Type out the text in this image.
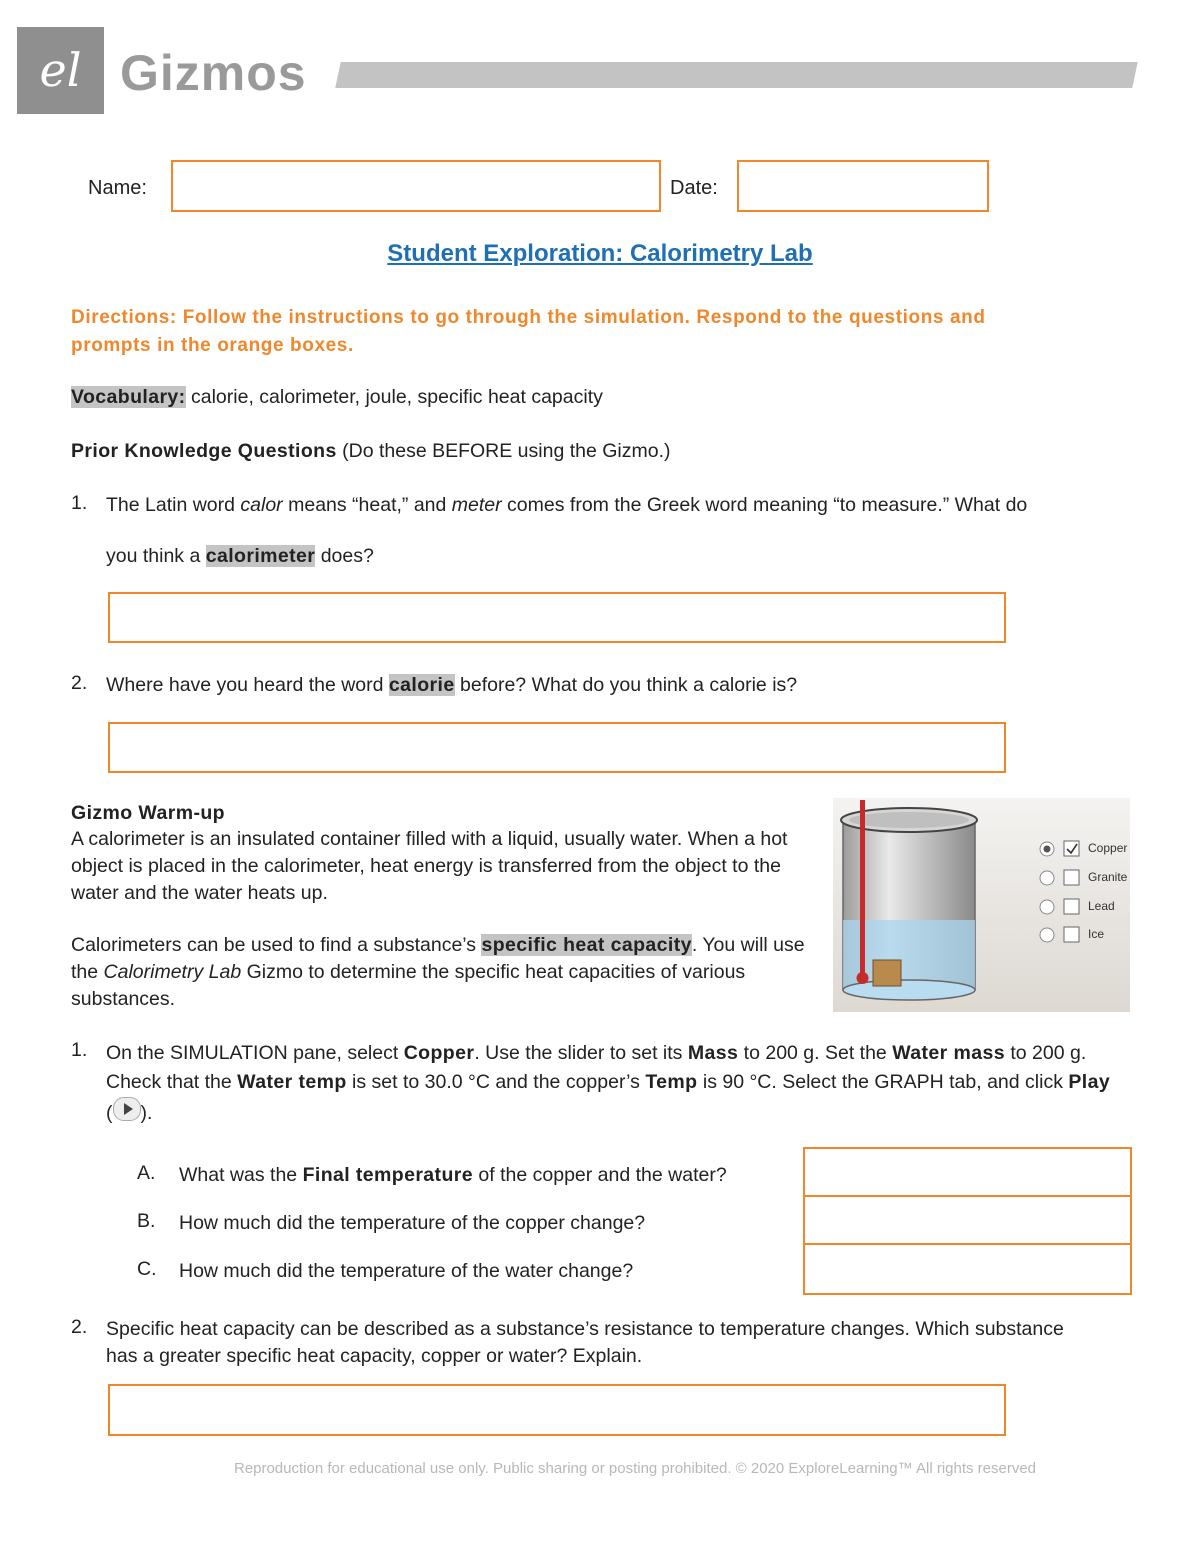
el Gizmos
Name:	Date:
Student Exploration: Calorimetry Lab
Directions: Follow the instructions to go through the simulation. Respond to the questions and prompts in the orange boxes.
Vocabulary: calorie, calorimeter, joule, specific heat capacity
Prior Knowledge Questions (Do these BEFORE using the Gizmo.)
1. The Latin word calor means “heat,” and meter comes from the Greek word meaning “to measure.” What do
you think a calorimeter does?
2. Where have you heard the word calorie before? What do you think a calorie is?
Gizmo Warm-up
A calorimeter is an insulated container filled with a liquid, usually water. When a hot object is placed in the calorimeter, heat energy is transferred from the object to the water and the water heats up.
Calorimeters can be used to find a substance’s specific heat capacity. You will use the Calorimetry Lab Gizmo to determine the specific heat capacities of various substances.
Copper
Granite
Lead
Ice
1. On the SIMULATION pane, select Copper. Use the slider to set its Mass to 200 g. Set the Water mass to 200 g. Check that the Water temp is set to 30.0 °C and the copper’s Temp is 90 °C. Select the GRAPH tab, and click Play ( ).
A. What was the Final temperature of the copper and the water?
B. How much did the temperature of the copper change?
C. How much did the temperature of the water change?
2. Specific heat capacity can be described as a substance’s resistance to temperature changes. Which substance has a greater specific heat capacity, copper or water? Explain.
Reproduction for educational use only. Public sharing or posting prohibited. © 2020 ExploreLearning™ All rights reserved
